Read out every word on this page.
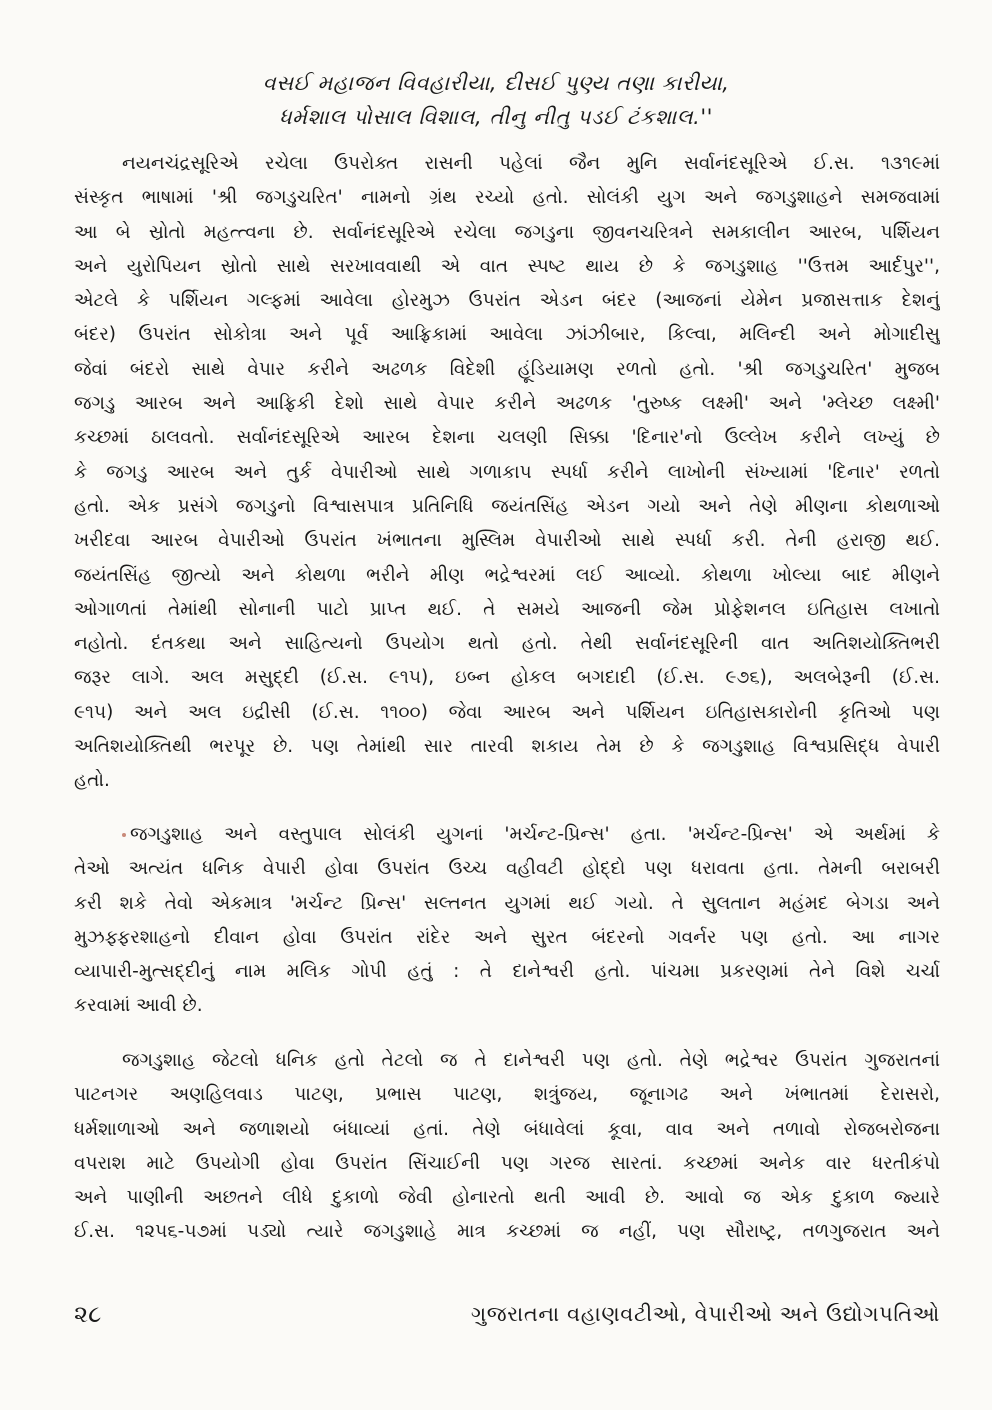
વસઈ મહાજન વિવહારીયા, દીસઈ પુણ્ય તણા કારીયા,
ધર્મશાલ પોસાલ વિશાલ, તીનુ નીતુ પડઈ ટંકશાલ.''
નયનચંદ્રસૂરિએ રચેલા ઉપરોક્ત રાસની પહેલાં જૈન મુનિ સર્વાનંદસૂરિએ ઈ.સ. ૧૩૧૯માં
સંસ્કૃત ભાષામાં 'શ્રી જગડુચરિત' નામનો ગ્રંથ રચ્યો હતો. સોલંકી યુગ અને જગડુશાહને સમજવામાં
આ બે સ્રોતો મહત્ત્વના છે. સર્વાનંદસૂરિએ રચેલા જગડુના જીવનચરિત્રને સમકાલીન આરબ, પર્શિયન
અને યુરોપિયન સ્રોતો સાથે સરખાવવાથી એ વાત સ્પષ્ટ થાય છે કે જગડુશાહ ''ઉત્તમ આર્દપુર'',
એટલે કે પર્શિયન ગલ્ફમાં આવેલા હોરમુઝ ઉપરાંત એડન બંદર (આજનાં યેમેન પ્રજાસત્તાક દેશનું
બંદર) ઉપરાંત સોકોત્રા અને પૂર્વ આફ્રિકામાં આવેલા ઝાંઝીબાર, કિલ્વા, મલિન્દી અને મોગાદીસુ
જેવાં બંદરો સાથે વેપાર કરીને અઢળક વિદેશી હૂંડિયામણ રળતો હતો. 'શ્રી જગડુચરિત' મુજબ
જગડુ આરબ અને આફ્રિકી દેશો સાથે વેપાર કરીને અઢળક 'તુરુષ્ક લક્ષ્મી' અને 'મ્લેચ્છ લક્ષ્મી'
કચ્છમાં ઠાલવતો. સર્વાનંદસૂરિએ આરબ દેશના ચલણી સિક્કા 'દિનાર'નો ઉલ્લેખ કરીને લખ્યું છે
કે જગડુ આરબ અને તુર્ક વેપારીઓ સાથે ગળાકાપ સ્પર્ધા કરીને લાખોની સંખ્યામાં 'દિનાર' રળતો
હતો. એક પ્રસંગે જગડુનો વિશ્વાસપાત્ર પ્રતિનિધિ જયંતસિંહ એડન ગયો અને તેણે મીણના કોથળાઓ
ખરીદવા આરબ વેપારીઓ ઉપરાંત ખંભાતના મુસ્લિમ વેપારીઓ સાથે સ્પર્ધા કરી. તેની હરાજી થઈ.
જયંતસિંહ જીત્યો અને કોથળા ભરીને મીણ ભદ્રેશ્વરમાં લઈ આવ્યો. કોથળા ખોલ્યા બાદ મીણને
ઓગાળતાં તેમાંથી સોનાની પાટો પ્રાપ્ત થઈ. તે સમયે આજની જેમ પ્રોફેશનલ ઇતિહાસ લખાતો
નહોતો. દંતકથા અને સાહિત્યનો ઉપયોગ થતો હતો. તેથી સર્વાનંદસૂરિની વાત અતિશયોક્તિભરી
જરૂર લાગે. અલ મસુદ્દી (ઈ.સ. ૯૧૫), ઇબ્ન હોકલ બગદાદી (ઈ.સ. ૯૭૬), અલબેરૂની (ઈ.સ.
૯૧૫) અને અલ ઇદ્રીસી (ઈ.સ. ૧૧૦૦) જેવા આરબ અને પર્શિયન ઇતિહાસકારોની કૃતિઓ પણ
અતિશયોક્તિથી ભરપૂર છે. પણ તેમાંથી સાર તારવી શકાય તેમ છે કે જગડુશાહ વિશ્વપ્રસિદ્ધ વેપારી
હતો.
જગડુશાહ અને વસ્તુપાલ સોલંકી યુગનાં 'મર્ચન્ટ-પ્રિન્સ' હતા. 'મર્ચન્ટ-પ્રિન્સ' એ અર્થમાં કે
તેઓ અત્યંત ધનિક વેપારી હોવા ઉપરાંત ઉચ્ચ વહીવટી હોદ્દો પણ ધરાવતા હતા. તેમની બરાબરી
કરી શકે તેવો એકમાત્ર 'મર્ચન્ટ પ્રિન્સ' સલ્તનત યુગમાં થઈ ગયો. તે સુલતાન મહંમદ બેગડા અને
મુઝફ્ફરશાહનો દીવાન હોવા ઉપરાંત રાંદેર અને સુરત બંદરનો ગવર્નર પણ હતો. આ નાગર
વ્યાપારી-મુત્સદ્દીનું નામ મલિક ગોપી હતું : તે દાનેશ્વરી હતો. પાંચમા પ્રકરણમાં તેને વિશે ચર્ચા
કરવામાં આવી છે.
જગડુશાહ જેટલો ધનિક હતો તેટલો જ તે દાનેશ્વરી પણ હતો. તેણે ભદ્રેશ્વર ઉપરાંત ગુજરાતનાં
પાટનગર અણહિલવાડ પાટણ, પ્રભાસ પાટણ, શત્રુંજય, જૂનાગઢ અને ખંભાતમાં દેરાસરો,
ધર્મશાળાઓ અને જળાશયો બંધાવ્યાં હતાં. તેણે બંધાવેલાં કૂવા, વાવ અને તળાવો રોજબરોજના
વપરાશ માટે ઉપયોગી હોવા ઉપરાંત સિંચાઈની પણ ગરજ સારતાં. કચ્છમાં અનેક વાર ધરતીકંપો
અને પાણીની અછતને લીધે દુકાળો જેવી હોનારતો થતી આવી છે. આવો જ એક દુકાળ જ્યારે
ઈ.સ. ૧૨૫૬-૫૭માં પડ્યો ત્યારે જગડુશાહે માત્ર કચ્છમાં જ નહીં, પણ સૌરાષ્ટ્ર, તળગુજરાત અને
૨૮	ગુજરાતના વહાણવટીઓ, વેપારીઓ અને ઉદ્યોગપતિઓ
